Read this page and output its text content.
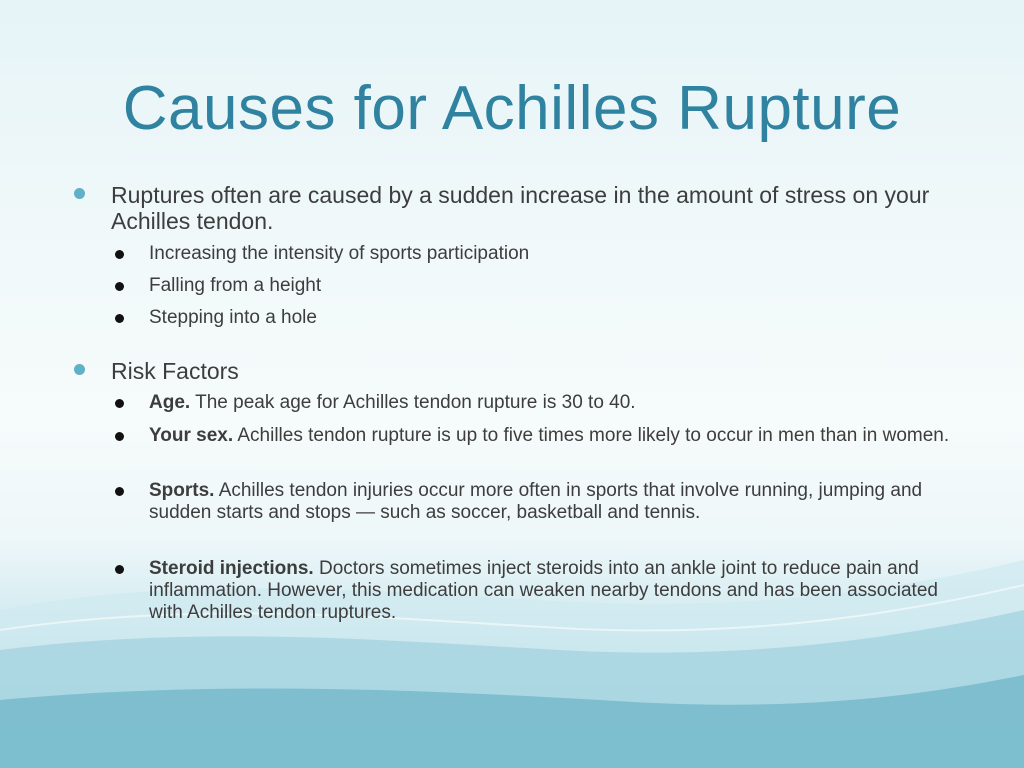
Causes for Achilles Rupture
Ruptures often are caused by a sudden increase in the amount of stress on your Achilles tendon.
Increasing the intensity of sports participation
Falling from a height
Stepping into a hole
Risk Factors
Age. The peak age for Achilles tendon rupture is 30 to 40.
Your sex. Achilles tendon rupture is up to five times more likely to occur in men than in women.
Sports. Achilles tendon injuries occur more often in sports that involve running, jumping and sudden starts and stops — such as soccer, basketball and tennis.
Steroid injections. Doctors sometimes inject steroids into an ankle joint to reduce pain and inflammation. However, this medication can weaken nearby tendons and has been associated with Achilles tendon ruptures.
